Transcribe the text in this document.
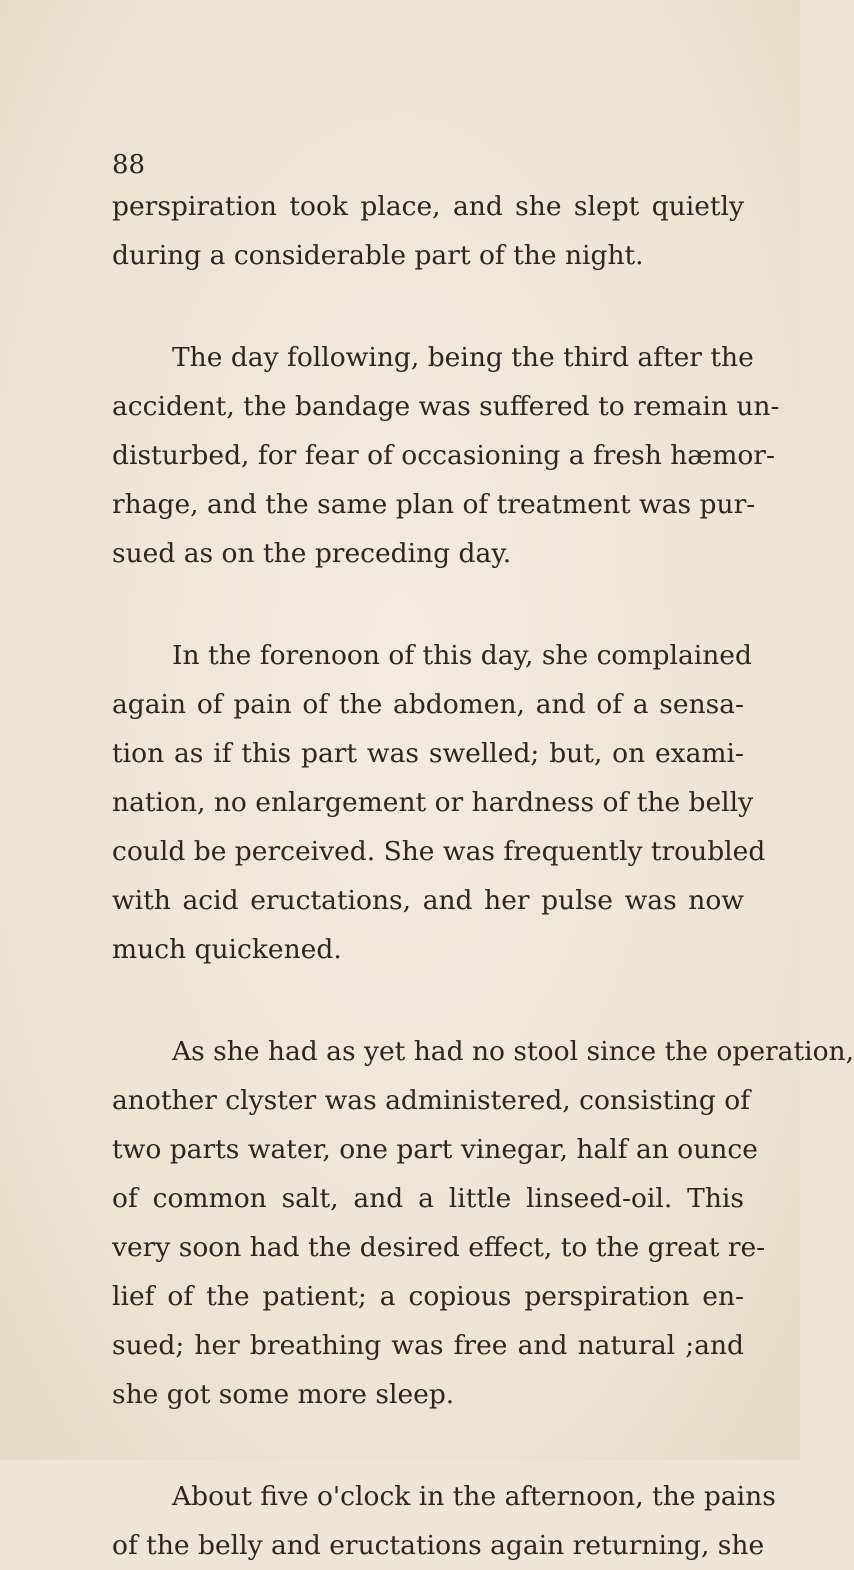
88

perspiration took place, and she slept quietly

during a considerable part of the night.

The day following, being the third after the

accident, the bandage was suffered to remain un-

disturbed, for fear of occasioning a fresh hæmor-

rhage, and the same plan of treatment was pur-

sued as on the preceding day.

In the forenoon of this day, she complained

again of pain of the abdomen, and of a sensa-

tion as if this part was swelled; but, on exami-

nation, no enlargement or hardness of the belly

could be perceived. She was frequently troubled

with acid eructations, and her pulse was now

much quickened.

As she had as yet had no stool since the operation,

another clyster was administered, consisting of

two parts water, one part vinegar, half an ounce

of common salt, and a little linseed-oil. This

very soon had the desired effect, to the great re-

lief of the patient; a copious perspiration en-

sued; her breathing was free and natural ;and

she got some more sleep.

About five o'clock in the afternoon, the pains

of the belly and eructations again returning, she
